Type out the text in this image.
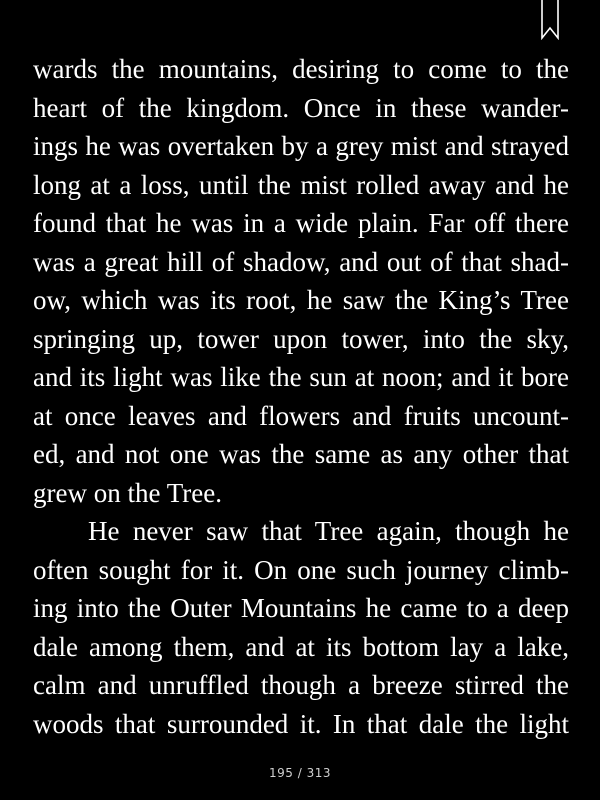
wards the mountains, desiring to come to the
heart of the kingdom. Once in these wander-
ings he was overtaken by a grey mist and strayed
long at a loss, until the mist rolled away and he
found that he was in a wide plain. Far off there
was a great hill of shadow, and out of that shad-
ow, which was its root, he saw the King’s Tree
springing up, tower upon tower, into the sky,
and its light was like the sun at noon; and it bore
at once leaves and flowers and fruits uncount-
ed, and not one was the same as any other that
grew on the Tree.
He never saw that Tree again, though he
often sought for it. On one such journey climb-
ing into the Outer Mountains he came to a deep
dale among them, and at its bottom lay a lake,
calm and unruffled though a breeze stirred the
woods that surrounded it. In that dale the light
195 / 313
